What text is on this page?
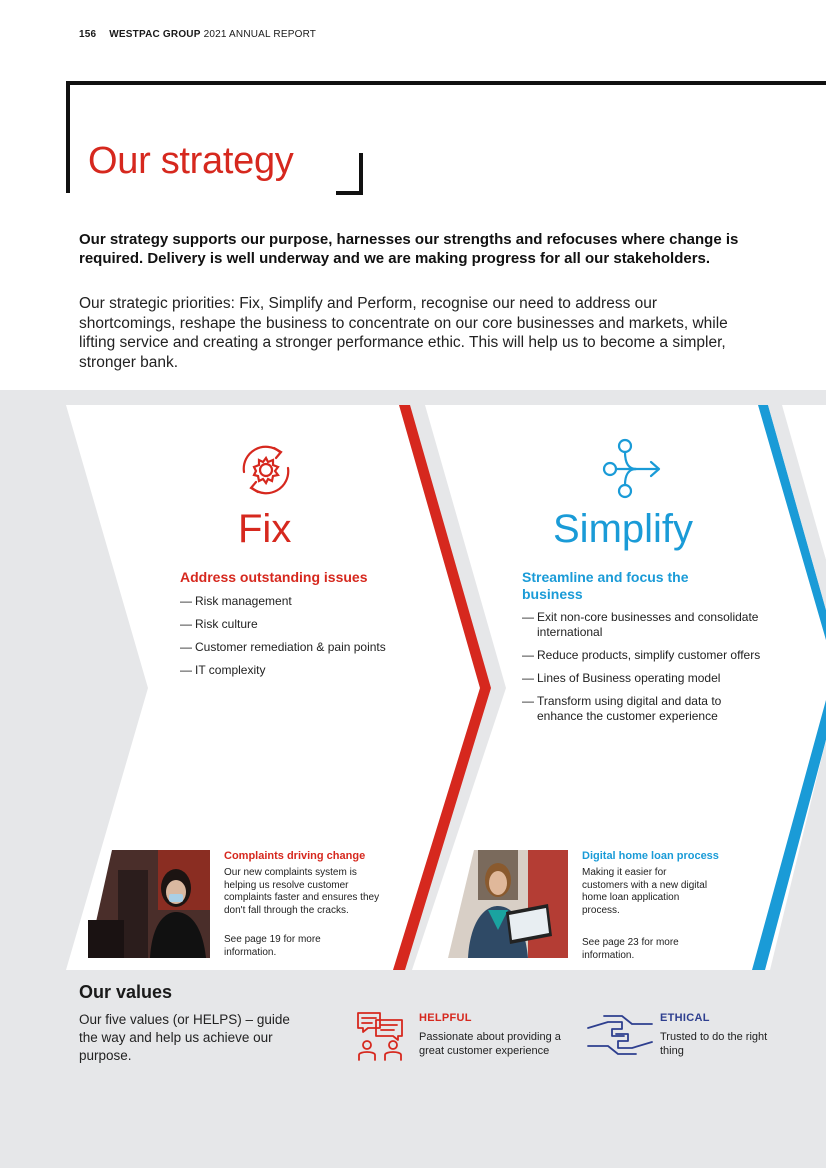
156 WESTPAC GROUP 2021 ANNUAL REPORT
Our strategy

Our strategy supports our purpose, harnesses our strengths and refocuses where change is required. Delivery is well underway and we are making progress for all our stakeholders.

Our strategic priorities: Fix, Simplify and Perform, recognise our need to address our shortcomings, reshape the business to concentrate on our core businesses and markets, while lifting service and creating a stronger performance ethic. This will help us to become a simpler, stronger bank.

Fix
Address outstanding issues
— Risk management
— Risk culture
— Customer remediation & pain points
— IT complexity
Simplify
Streamline and focus the business
— Exit non-core businesses and consolidate international
— Reduce products, simplify customer offers
— Lines of Business operating model
— Transform using digital and data to enhance the customer experience
Complaints driving change
Our new complaints system is helping us resolve customer complaints faster and ensures they don't fall through the cracks.
See page 19 for more information.
Digital home loan process
Making it easier for customers with a new digital home loan application process.
See page 23 for more information.
Our values

Our five values (or HELPS) – guide the way and help us achieve our purpose.

HELPFUL
Passionate about providing a great customer experience
ETHICAL
Trusted to do the right thing
